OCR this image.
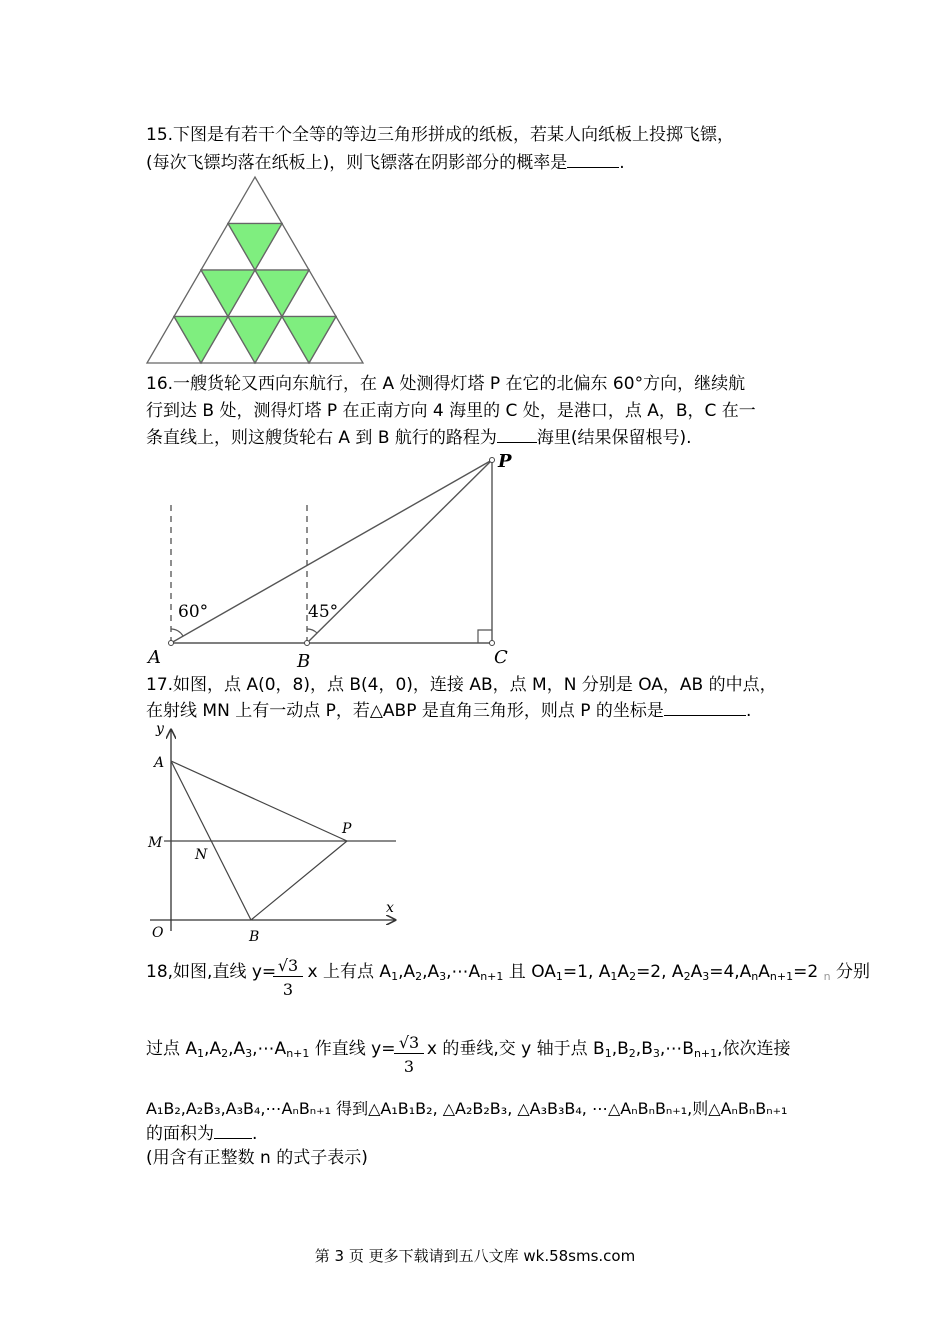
15.下图是有若干个全等的等边三角形拼成的纸板，若某人向纸板上投掷飞镖，
(每次飞镖均落在纸板上)，则飞镖落在阴影部分的概率是	.
16.一艘货轮又西向东航行，在 A 处测得灯塔 P 在它的北偏东 60°方向，继续航
行到达 B 处，测得灯塔 P 在正南方向 4 海里的 C 处，是港口，点 A，B，C 在一
条直线上，则这艘货轮右 A 到 B 航行的路程为 海里(结果保留根号).
P
A	B	C
60°	45°
17.如图，点 A(0，8)，点 B(4，0)，连接 AB，点 M，N 分别是 OA，AB 的中点，
在射线 MN 上有一动点 P，若△ABP 是直角三角形，则点 P 的坐标是	.
y
x
A
M
N
P
O	B
18,如图,直线 y= x 上有点 $A_1,A_2,A_3,\cdots A_{n+1}$ 且 $OA_1=1$, $A_1A_2=2$, $A_2A_3=4,A_nA_{n+1}=2$ $_n$ 分别
$\frac{√3}{3}$
过点 $A_1,A_2,A_3,\cdots A_{n+1}$ 作直线 y= x 的垂线,交 y 轴于点 $B_1,B_2,B_3,\cdots B_{n+1}$,依次连接
$\frac{√3}{3}$
A₁B₂,A₂B₃,A₃B₄,⋯AₙBₙ₊₁ 得到△A₁B₁B₂, △A₂B₂B₃, △A₃B₃B₄, ⋯△AₙBₙBₙ₊₁,则△AₙBₙBₙ₊₁
的面积为 .
(用含有正整数 n 的式子表示)
第 3 页 更多下载请到五八文库 wk.58sms.com
